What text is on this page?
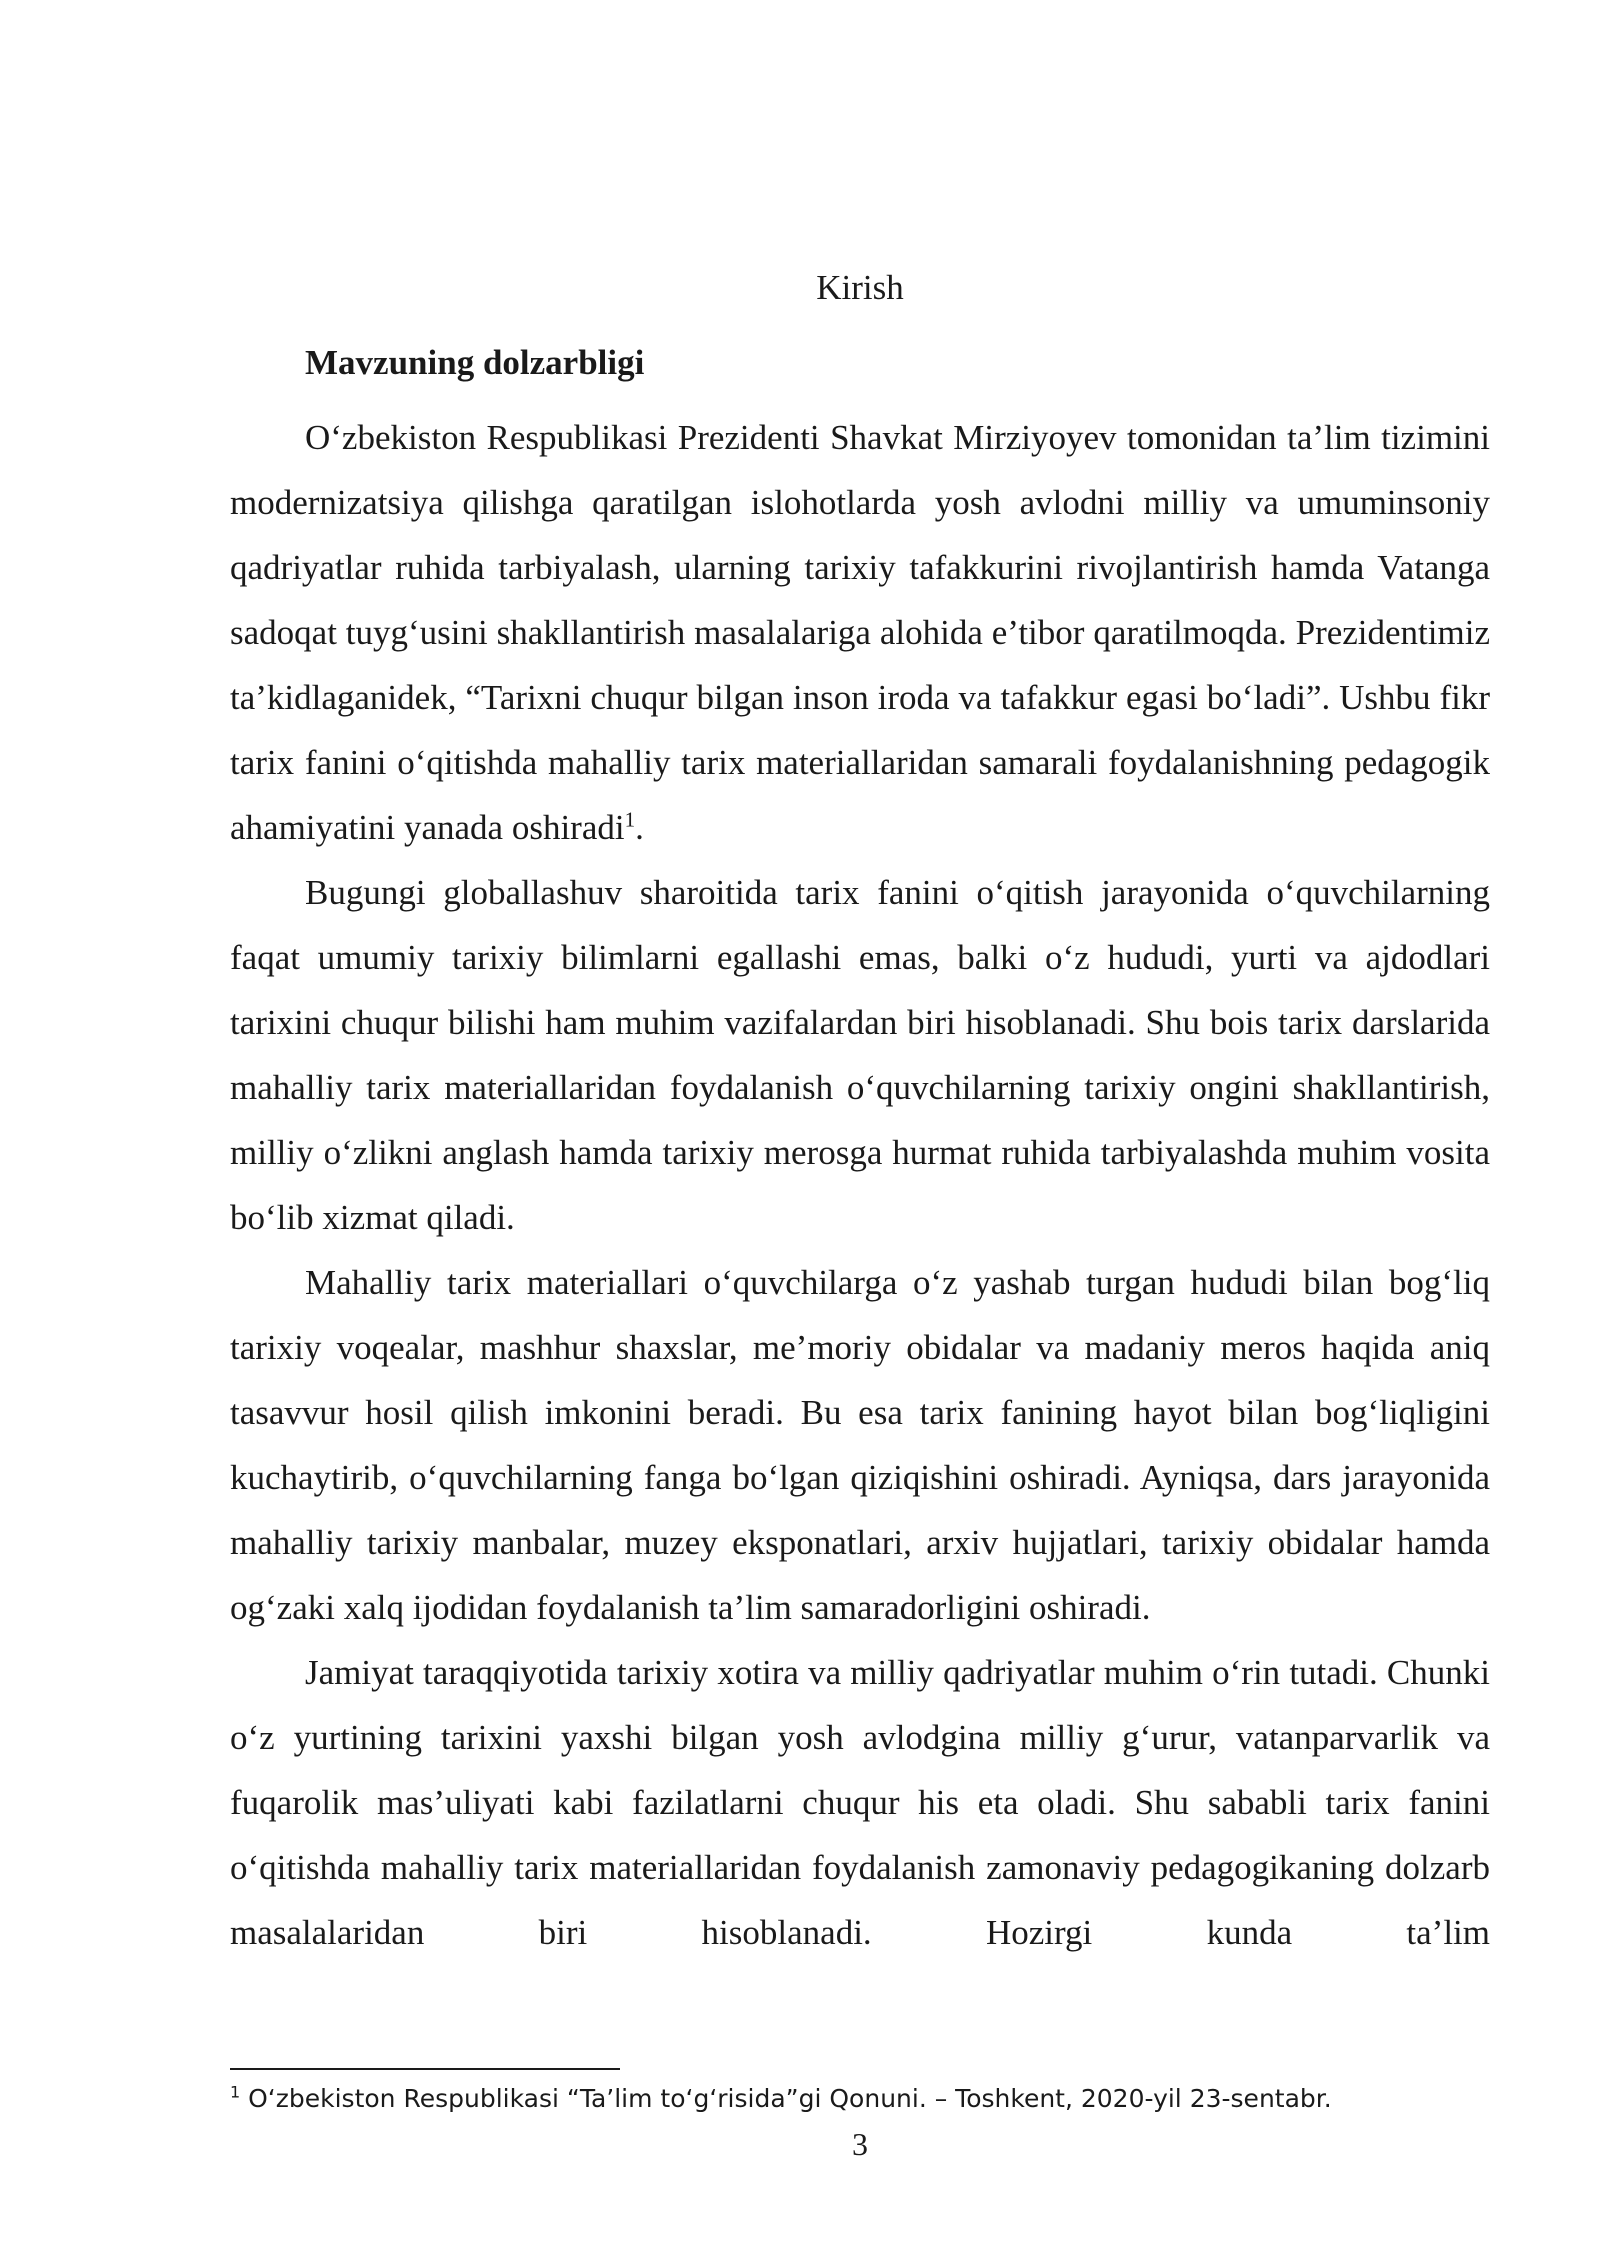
Kirish
Mavzuning dolzarbligi

O‘zbekiston Respublikasi Prezidenti Shavkat Mirziyoyev tomonidan ta’lim tizimini modernizatsiya qilishga qaratilgan islohotlarda yosh avlodni milliy va umuminsoniy qadriyatlar ruhida tarbiyalash, ularning tarixiy tafakkurini rivojlantirish hamda Vatanga sadoqat tuyg‘usini shakllantirish masalalariga alohida e’tibor qaratilmoqda. Prezidentimiz ta’kidlaganidek, “Tarixni chuqur bilgan inson iroda va tafakkur egasi bo‘ladi”. Ushbu fikr tarix fanini o‘qitishda mahalliy tarix materiallaridan samarali foydalanishning pedagogik ahamiyatini yanada oshiradi$^1$.

Bugungi globallashuv sharoitida tarix fanini o‘qitish jarayonida o‘quvchilarning faqat umumiy tarixiy bilimlarni egallashi emas, balki o‘z hududi, yurti va ajdodlari tarixini chuqur bilishi ham muhim vazifalardan biri hisoblanadi. Shu bois tarix darslarida mahalliy tarix materiallaridan foydalanish o‘quvchilarning tarixiy ongini shakllantirish, milliy o‘zlikni anglash hamda tarixiy merosga hurmat ruhida tarbiyalashda muhim vosita bo‘lib xizmat qiladi.

Mahalliy tarix materiallari o‘quvchilarga o‘z yashab turgan hududi bilan bog‘liq tarixiy voqealar, mashhur shaxslar, me’moriy obidalar va madaniy meros haqida aniq tasavvur hosil qilish imkonini beradi. Bu esa tarix fanining hayot bilan bog‘liqligini kuchaytirib, o‘quvchilarning fanga bo‘lgan qiziqishini oshiradi. Ayniqsa, dars jarayonida mahalliy tarixiy manbalar, muzey eksponatlari, arxiv hujjatlari, tarixiy obidalar hamda og‘zaki xalq ijodidan foydalanish ta’lim samaradorligini oshiradi.

Jamiyat taraqqiyotida tarixiy xotira va milliy qadriyatlar muhim o‘rin tutadi. Chunki o‘z yurtining tarixini yaxshi bilgan yosh avlodgina milliy g‘urur, vatanparvarlik va fuqarolik mas’uliyati kabi fazilatlarni chuqur his eta oladi. Shu sababli tarix fanini o‘qitishda mahalliy tarix materiallaridan foydalanish zamonaviy pedagogikaning dolzarb masalalaridan biri hisoblanadi. Hozirgi kunda ta’lim

$^1$ O‘zbekiston Respublikasi “Ta’lim to‘g‘risida”gi Qonuni. – Toshkent, 2020-yil 23-sentabr.
3
